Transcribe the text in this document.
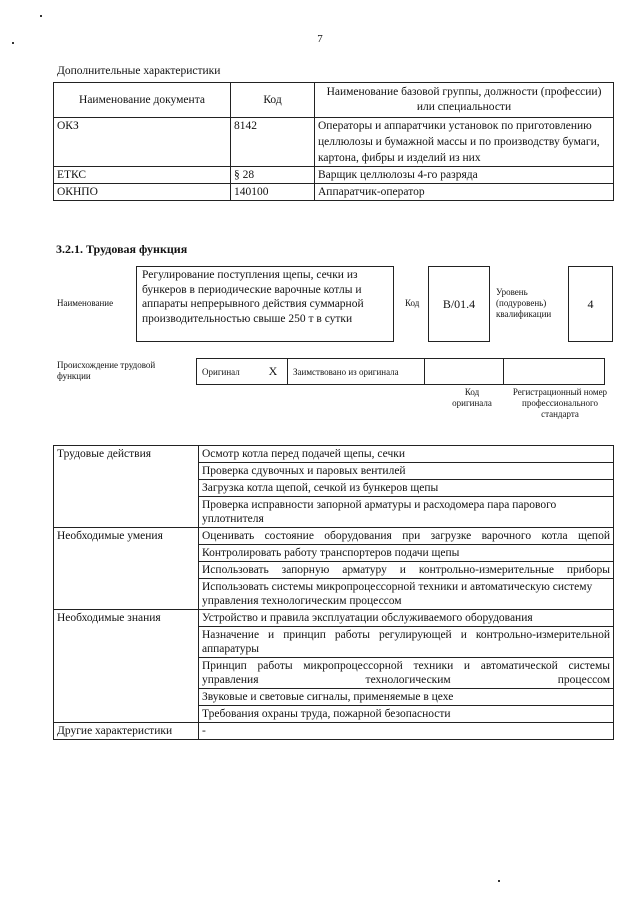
7
Дополнительные характеристики
Наименование документа	Код	Наименование базовой группы, должности (профессии) или специальности
ОКЗ	8142	Операторы и аппаратчики установок по приготовлению целлюлозы и бумажной массы и по производству бумаги, картона, фибры и изделий из них
ЕТКС	§ 28	Варщик целлюлозы 4-го разряда
ОКНПО	140100	Аппаратчик-оператор
3.2.1. Трудовая функция
Наименование
Регулирование поступления щепы, сечки из бункеров в периодические варочные котлы и аппараты непрерывного действия суммарной производительностью свыше 250 т в сутки
Код B/01.4
Уровень (подуровень) квалификации
4
Происхождение трудовой функции	Оригинал	X	Заимствовано из оригинала		
Код оригинала
Регистрационный номер профессионального стандарта
Трудовые действия	Осмотр котла перед подачей щепы, сечки
	Проверка сдувочных и паровых вентилей
	Загрузка котла щепой, сечкой из бункеров щепы
	Проверка исправности запорной арматуры и расходомера пара парового уплотнителя
Необходимые умения	Оценивать состояние оборудования при загрузке варочного котла щепой
	Контролировать работу транспортеров подачи щепы
	Использовать запорную арматуру и контрольно-измерительные приборы
	Использовать системы микропроцессорной техники и автоматическую систему управления технологическим процессом
Необходимые знания	Устройство и правила эксплуатации обслуживаемого оборудования
	Назначение и принцип работы регулирующей и контрольно-измерительной аппаратуры
	Принцип работы микропроцессорной техники и автоматической системы управления технологическим процессом
	Звуковые и световые сигналы, применяемые в цехе
	Требования охраны труда, пожарной безопасности
Другие характеристики	-
